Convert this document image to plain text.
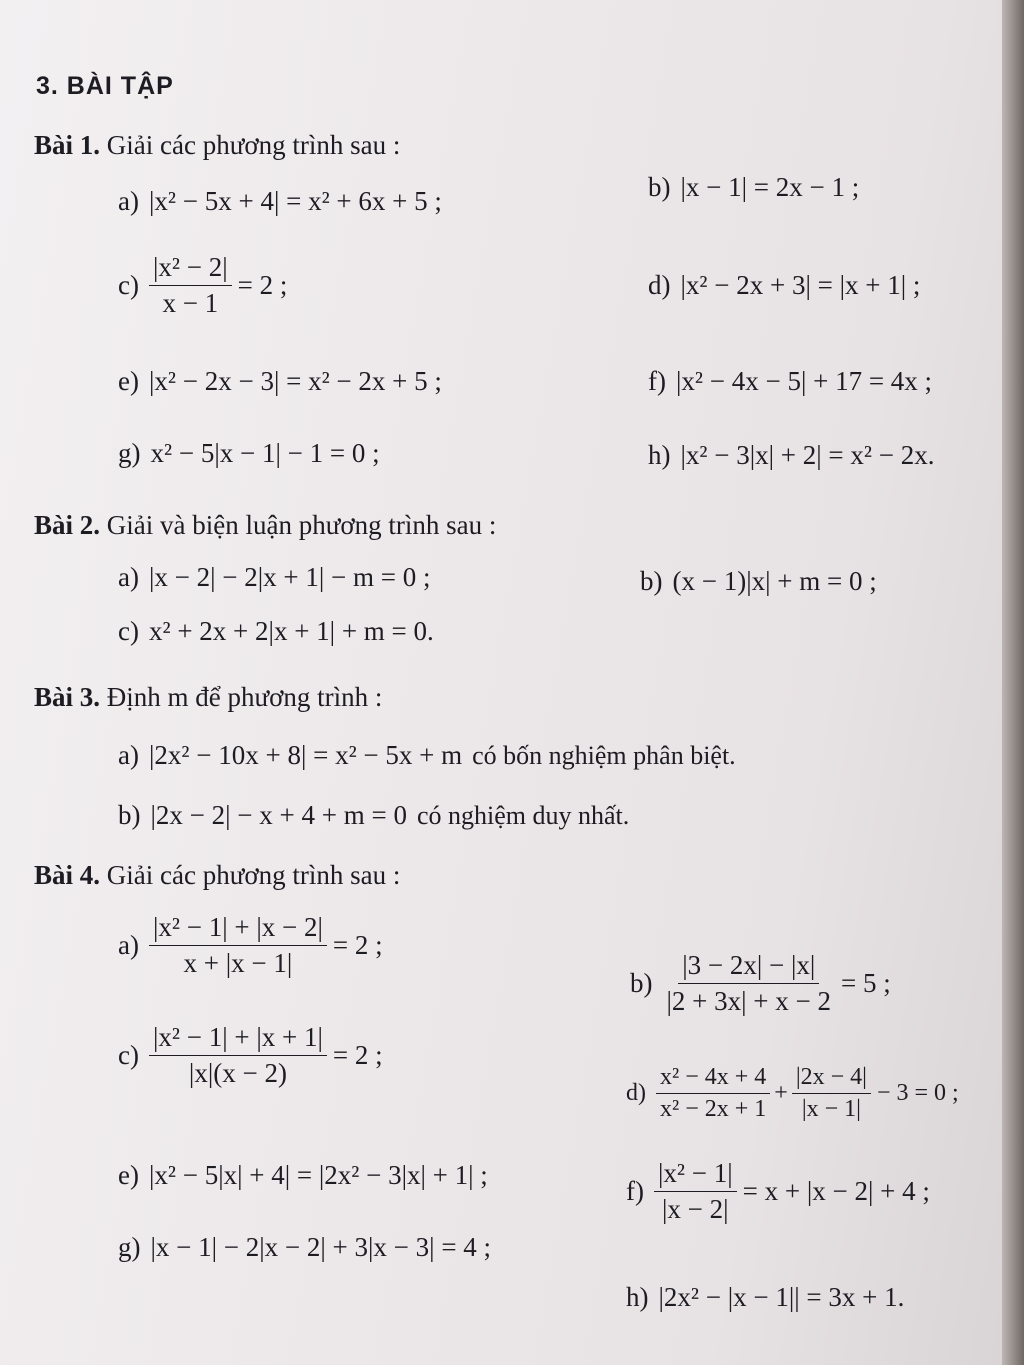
3. BÀI TẬP
Bài 1. Giải các phương trình sau :
a) |x² − 5x + 4| = x² + 6x + 5 ;	b) |x − 1| = 2x − 1 ;
$c) \frac{\text{|x² − 2|}}{x - 1} = 2$ ;	d) |x² − 2x + 3| = |x + 1| ;
e) |x² − 2x − 3| = x² − 2x + 5 ;	f) |x² − 4x − 5| + 17 = 4x ;
g) x² − 5|x − 1| − 1 = 0 ;	h) |x² − 3|x| + 2| = x² − 2x.
Bài 2. Giải và biện luận phương trình sau :
a) |x − 2| − 2|x + 1| − m = 0 ;	b) (x − 1)|x| + m = 0 ;
c) x² + 2x + 2|x + 1| + m = 0.
Bài 3. Định m để phương trình :
a) |2x² − 10x + 8| = x² − 5x + m có bốn nghiệm phân biệt.
b) |2x − 2| − x + 4 + m = 0 có nghiệm duy nhất.
Bài 4. Giải các phương trình sau :
$a) \frac{\text{|x² − 1| + |x − 2|}}{x + |x - 1|} = 2$ ;
$b) \frac{|3 - 2x| - |x|}{|2 + 3x| + x - 2} = 5$ ;
$c) \frac{\text{|x² − 1| + |x + 1|}}{|x|(x - 2)} = 2$ ;
$d) \frac{\text{x² − 4x + 4}}{\text{x² − 2x + 1}} + \frac{|2x - 4|}{|x - 1|} - 3 = 0$ ;
e) |x² − 5|x| + 4| = |2x² − 3|x| + 1| ;
$f) \frac{\text{|x² − 1|}}{|x - 2|} = x + |x - 2| + 4$ ;
g) |x − 1| − 2|x − 2| + 3|x − 3| = 4 ;
h) |2x² − |x − 1|| = 3x + 1.
